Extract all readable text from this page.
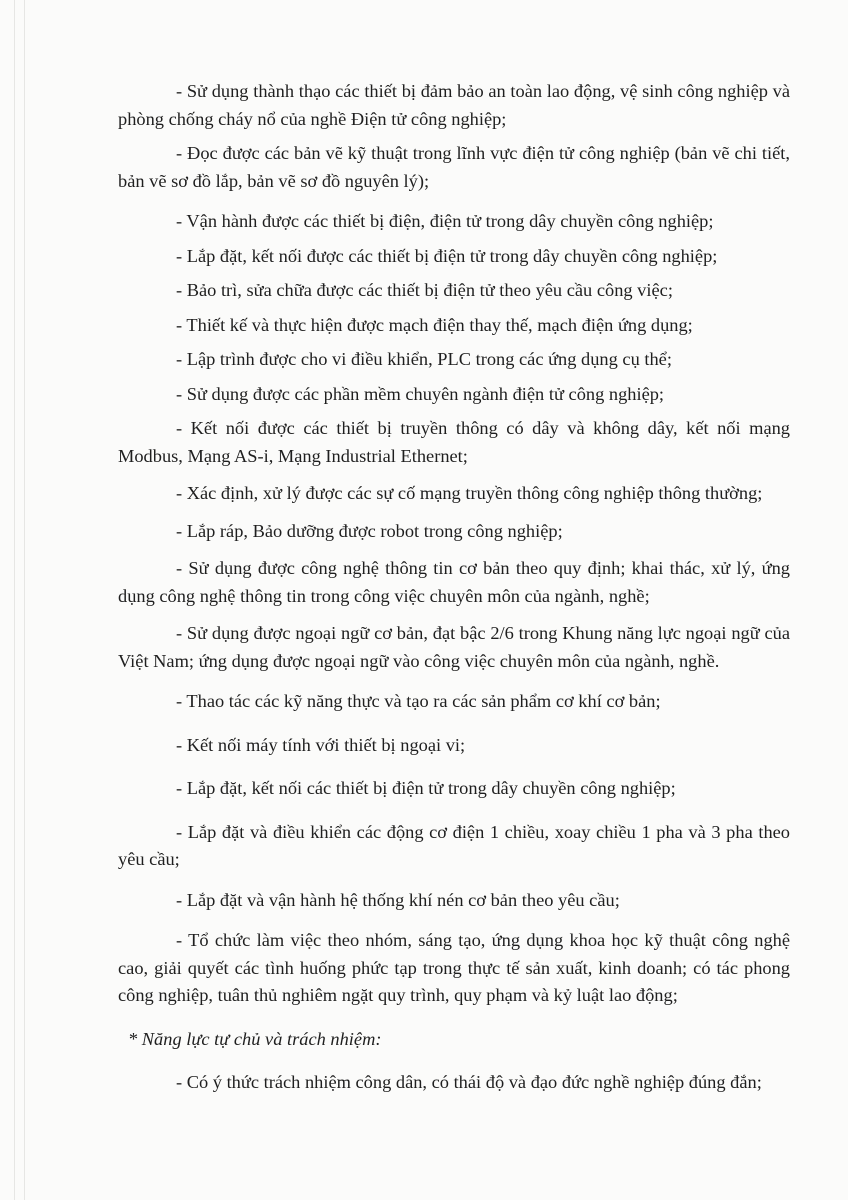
- Sử dụng thành thạo các thiết bị đảm bảo an toàn lao động, vệ sinh công nghiệp và phòng chống cháy nổ của nghề Điện tử công nghiệp;

- Đọc được các bản vẽ kỹ thuật trong lĩnh vực điện tử công nghiệp (bản vẽ chi tiết, bản vẽ sơ đồ lắp, bản vẽ sơ đồ nguyên lý);

- Vận hành được các thiết bị điện, điện tử trong dây chuyền công nghiệp;

- Lắp đặt, kết nối được các thiết bị điện tử trong dây chuyền công nghiệp;

- Bảo trì, sửa chữa được các thiết bị điện tử theo yêu cầu công việc;

- Thiết kế và thực hiện được mạch điện thay thế, mạch điện ứng dụng;

- Lập trình được cho vi điều khiển, PLC trong các ứng dụng cụ thể;

- Sử dụng được các phần mềm chuyên ngành điện tử công nghiệp;

- Kết nối được các thiết bị truyền thông có dây và không dây, kết nối mạng Modbus, Mạng AS-i, Mạng Industrial Ethernet;

- Xác định, xử lý được các sự cố mạng truyền thông công nghiệp thông thường;

- Lắp ráp, Bảo dưỡng được robot trong công nghiệp;

- Sử dụng được công nghệ thông tin cơ bản theo quy định; khai thác, xử lý, ứng dụng công nghệ thông tin trong công việc chuyên môn của ngành, nghề;

- Sử dụng được ngoại ngữ cơ bản, đạt bậc 2/6 trong Khung năng lực ngoại ngữ của Việt Nam; ứng dụng được ngoại ngữ vào công việc chuyên môn của ngành, nghề.

- Thao tác các kỹ năng thực và tạo ra các sản phẩm cơ khí cơ bản;

- Kết nối máy tính với thiết bị ngoại vi;

- Lắp đặt, kết nối các thiết bị điện tử trong dây chuyền công nghiệp;

- Lắp đặt và điều khiển các động cơ điện 1 chiều, xoay chiều 1 pha và 3 pha theo yêu cầu;

- Lắp đặt và vận hành hệ thống khí nén cơ bản theo yêu cầu;

- Tổ chức làm việc theo nhóm, sáng tạo, ứng dụng khoa học kỹ thuật công nghệ cao, giải quyết các tình huống phức tạp trong thực tế sản xuất, kinh doanh; có tác phong công nghiệp, tuân thủ nghiêm ngặt quy trình, quy phạm và kỷ luật lao động;

* Năng lực tự chủ và trách nhiệm:

- Có ý thức trách nhiệm công dân, có thái độ và đạo đức nghề nghiệp đúng đắn;
